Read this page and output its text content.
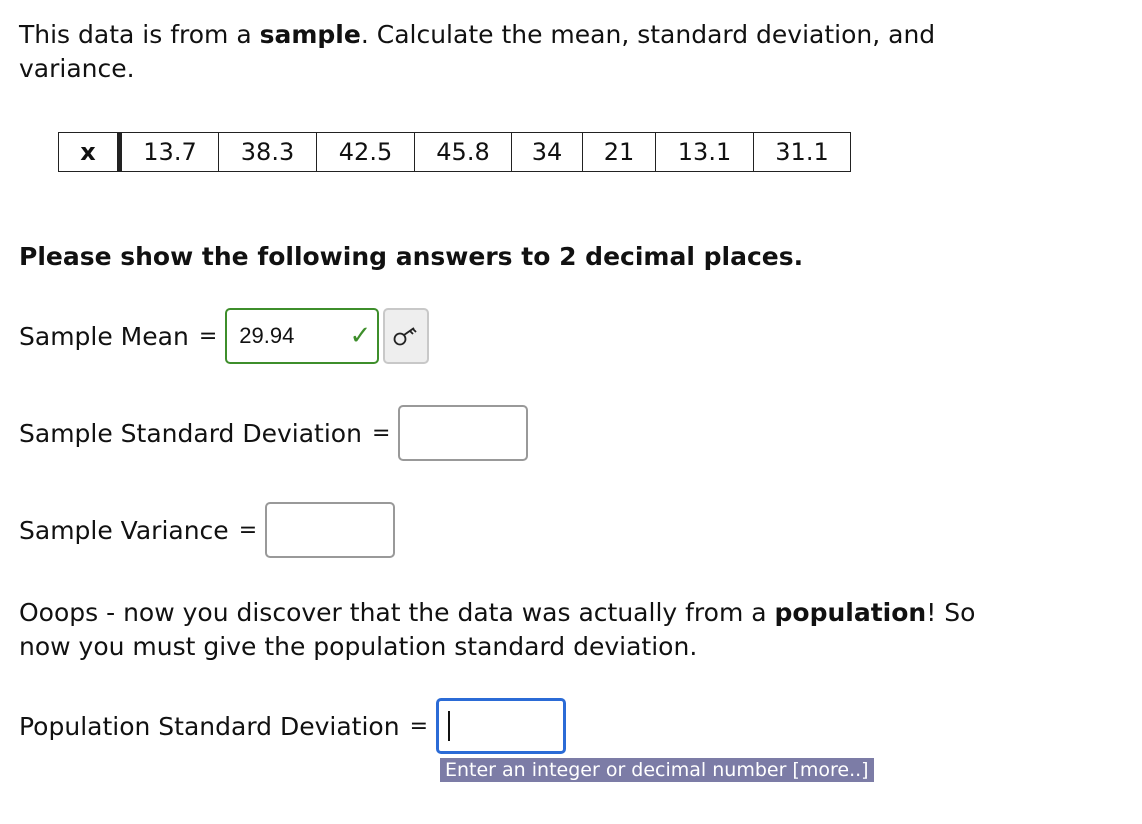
This data is from a sample. Calculate the mean, standard deviation, and variance.

x	13.7	38.3	42.5	45.8	34	21	13.1	31.1

Please show the following answers to 2 decimal places.

Sample Mean = 29.94 ✓
Sample Standard Deviation =
Sample Variance =

Ooops - now you discover that the data was actually from a population! So now you must give the population standard deviation.

Population Standard Deviation =
Enter an integer or decimal number [more..]
